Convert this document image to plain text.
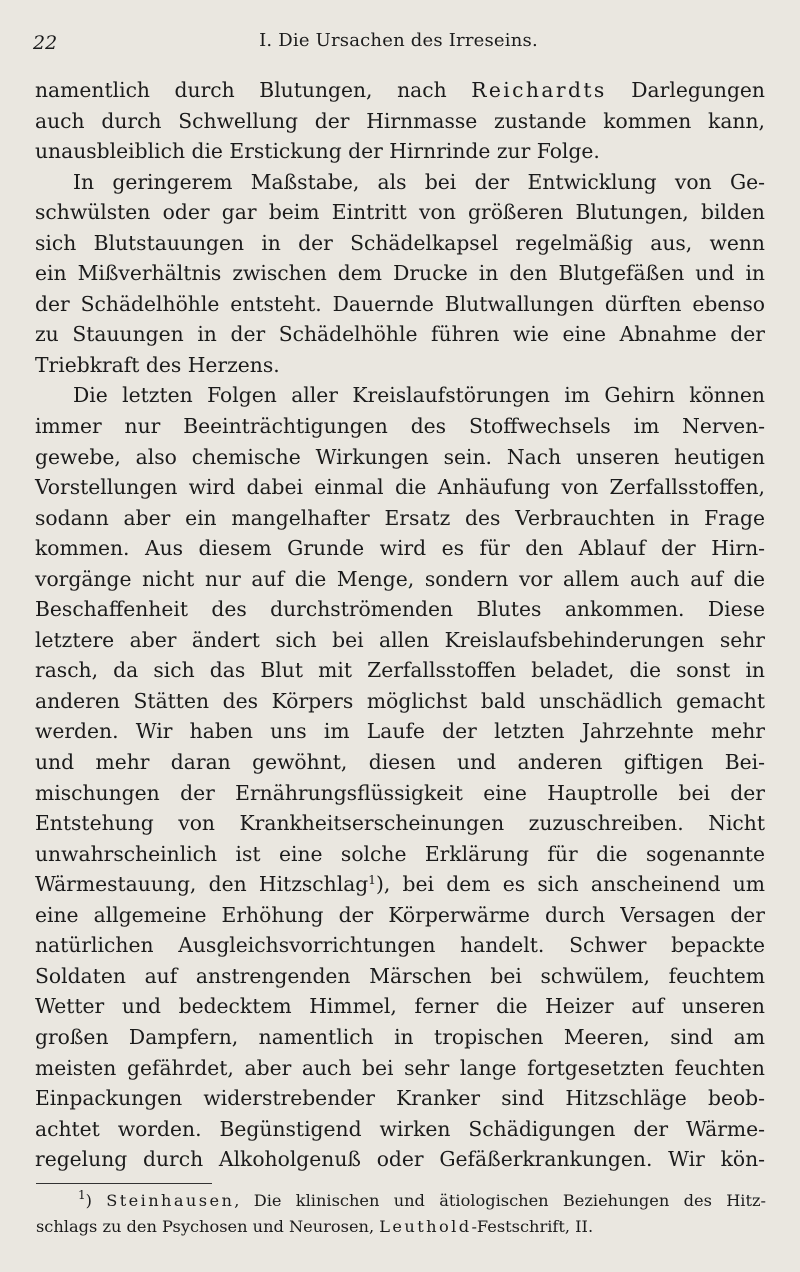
22	I. Die Ursachen des Irreseins.
namentlich durch Blutungen, nach Reichardts Darlegungen
auch durch Schwellung der Hirnmasse zustande kommen kann,
unausbleiblich die Erstickung der Hirnrinde zur Folge.
In geringerem Maßstabe, als bei der Entwicklung von Ge-
schwülsten oder gar beim Eintritt von größeren Blutungen, bilden
sich Blutstauungen in der Schädelkapsel regelmäßig aus, wenn
ein Mißverhältnis zwischen dem Drucke in den Blutgefäßen und in
der Schädelhöhle entsteht. Dauernde Blutwallungen dürften ebenso
zu Stauungen in der Schädelhöhle führen wie eine Abnahme der
Triebkraft des Herzens.
Die letzten Folgen aller Kreislaufstörungen im Gehirn können
immer nur Beeinträchtigungen des Stoffwechsels im Nerven-
gewebe, also chemische Wirkungen sein. Nach unseren heutigen
Vorstellungen wird dabei einmal die Anhäufung von Zerfallsstoffen,
sodann aber ein mangelhafter Ersatz des Verbrauchten in Frage
kommen. Aus diesem Grunde wird es für den Ablauf der Hirn-
vorgänge nicht nur auf die Menge, sondern vor allem auch auf die
Beschaffenheit des durchströmenden Blutes ankommen. Diese
letztere aber ändert sich bei allen Kreislaufsbehinderungen sehr
rasch, da sich das Blut mit Zerfallsstoffen beladet, die sonst in
anderen Stätten des Körpers möglichst bald unschädlich gemacht
werden. Wir haben uns im Laufe der letzten Jahrzehnte mehr
und mehr daran gewöhnt, diesen und anderen giftigen Bei-
mischungen der Ernährungsflüssigkeit eine Hauptrolle bei der
Entstehung von Krankheitserscheinungen zuzuschreiben. Nicht
unwahrscheinlich ist eine solche Erklärung für die sogenannte
Wärmestauung, den Hitzschlag$^1$), bei dem es sich anscheinend um
eine allgemeine Erhöhung der Körperwärme durch Versagen der
natürlichen Ausgleichsvorrichtungen handelt. Schwer bepackte
Soldaten auf anstrengenden Märschen bei schwülem, feuchtem
Wetter und bedecktem Himmel, ferner die Heizer auf unseren
großen Dampfern, namentlich in tropischen Meeren, sind am
meisten gefährdet, aber auch bei sehr lange fortgesetzten feuchten
Einpackungen widerstrebender Kranker sind Hitzschläge beob-
achtet worden. Begünstigend wirken Schädigungen der Wärme-
regelung durch Alkoholgenuß oder Gefäßerkrankungen. Wir kön-
$^1$) Steinhausen, Die klinischen und ätiologischen Beziehungen des Hitz-
schlags zu den Psychosen und Neurosen, Leuthold-Festschrift, II.
